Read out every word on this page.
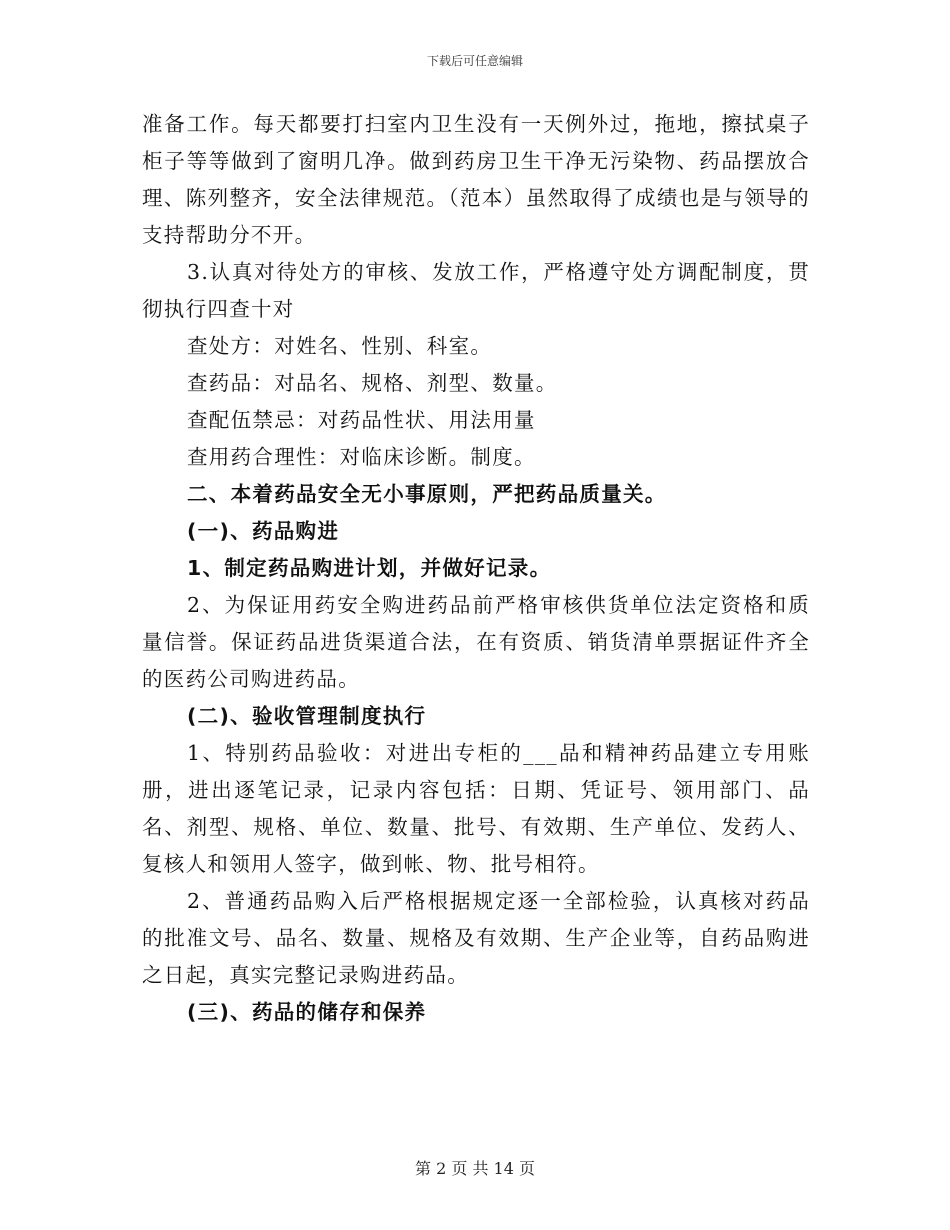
下载后可任意编辑

准备工作。每天都要打扫室内卫生没有一天例外过，拖地，擦拭桌子柜子等等做到了窗明几净。做到药房卫生干净无污染物、药品摆放合理、陈列整齐，安全法律规范。（范本）虽然取得了成绩也是与领导的支持帮助分不开。

3.认真对待处方的审核、发放工作，严格遵守处方调配制度，贯彻执行四查十对

查处方：对姓名、性别、科室。

查药品：对品名、规格、剂型、数量。

查配伍禁忌：对药品性状、用法用量

查用药合理性：对临床诊断。制度。

二、本着药品安全无小事原则，严把药品质量关。

(一)、药品购进

1、制定药品购进计划，并做好记录。

2、为保证用药安全购进药品前严格审核供货单位法定资格和质量信誉。保证药品进货渠道合法，在有资质、销货清单票据证件齐全的医药公司购进药品。

(二)、验收管理制度执行

1、特别药品验收：对进出专柜的___品和精神药品建立专用账册，进出逐笔记录，记录内容包括：日期、凭证号、领用部门、品名、剂型、规格、单位、数量、批号、有效期、生产单位、发药人、复核人和领用人签字，做到帐、物、批号相符。

2、普通药品购入后严格根据规定逐一全部检验，认真核对药品的批准文号、品名、数量、规格及有效期、生产企业等，自药品购进之日起，真实完整记录购进药品。

(三)、药品的储存和保养

第 2 页 共 14 页
